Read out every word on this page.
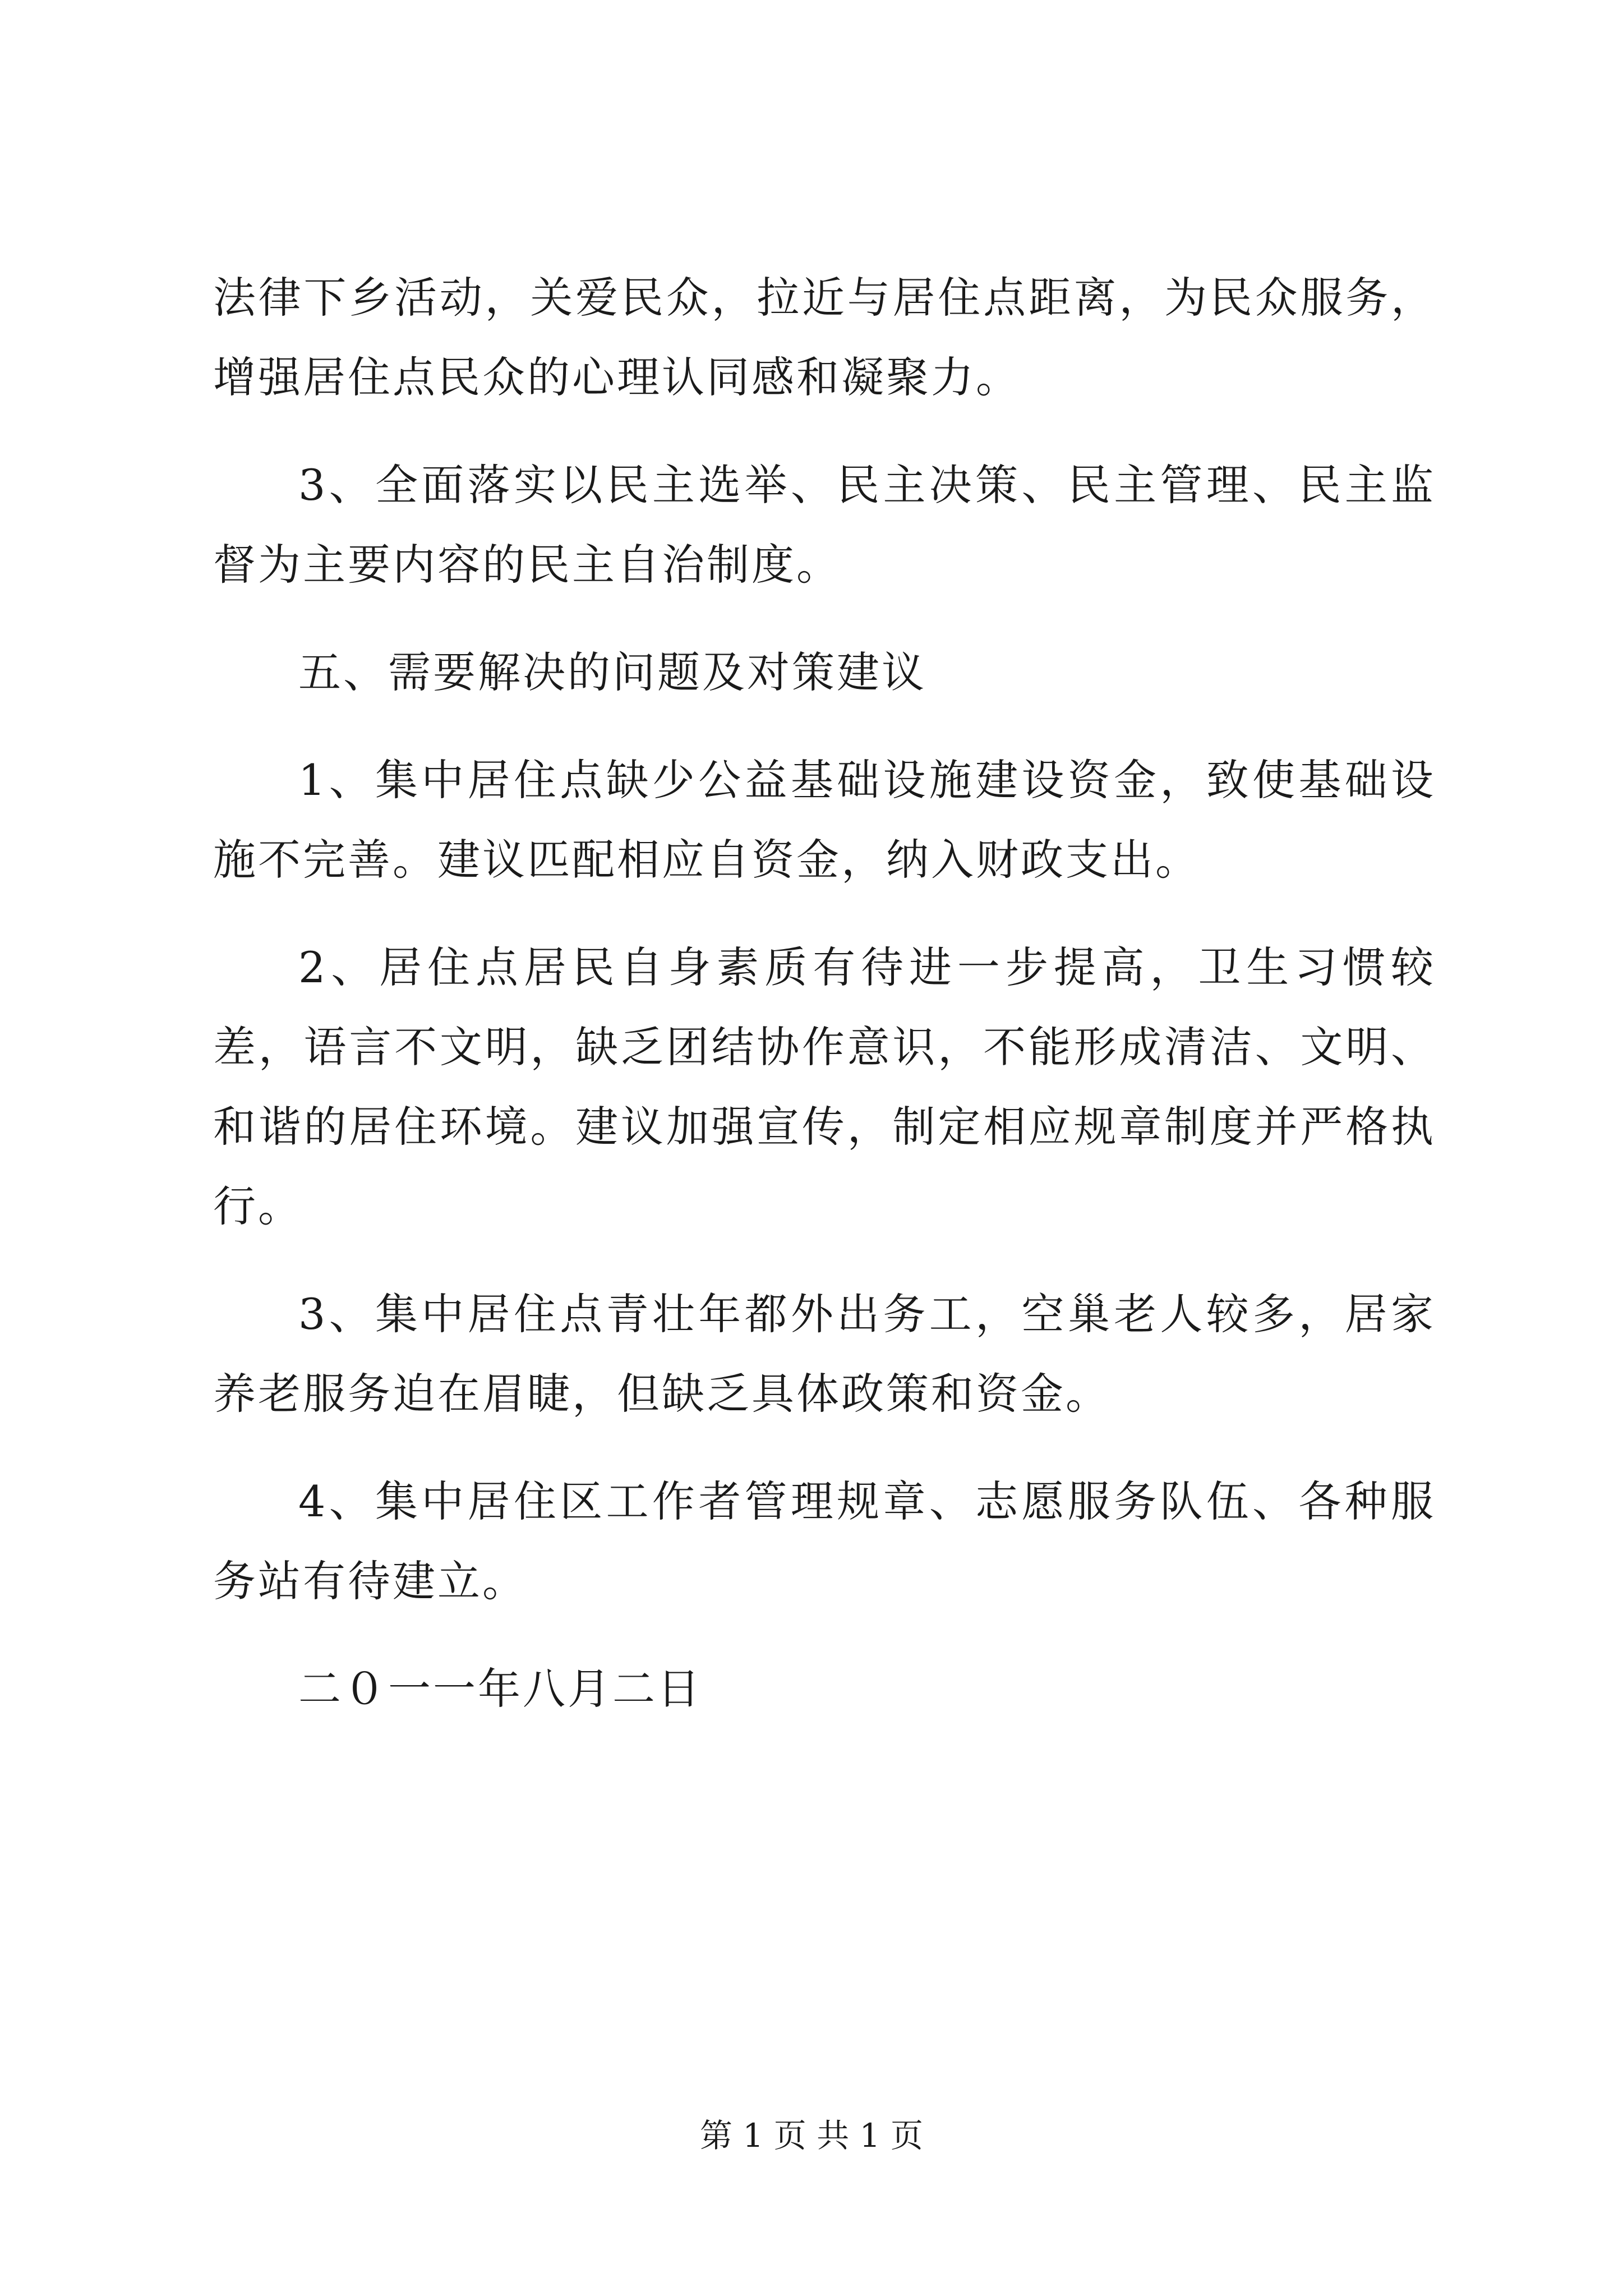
法律下乡活动，关爱民众，拉近与居住点距离，为民众服务，增强居住点民众的心理认同感和凝聚力。

3、全面落实以民主选举、民主决策、民主管理、民主监督为主要内容的民主自治制度。

五、需要解决的问题及对策建议

1、集中居住点缺少公益基础设施建设资金，致使基础设施不完善。建议匹配相应自资金，纳入财政支出。

2、居住点居民自身素质有待进一步提高，卫生习惯较差，语言不文明，缺乏团结协作意识，不能形成清洁、文明、和谐的居住环境。建议加强宣传，制定相应规章制度并严格执行。

3、集中居住点青壮年都外出务工，空巢老人较多，居家养老服务迫在眉睫，但缺乏具体政策和资金。

4、集中居住区工作者管理规章、志愿服务队伍、各种服务站有待建立。

二０一一年八月二日

第 1 页 共 1 页
